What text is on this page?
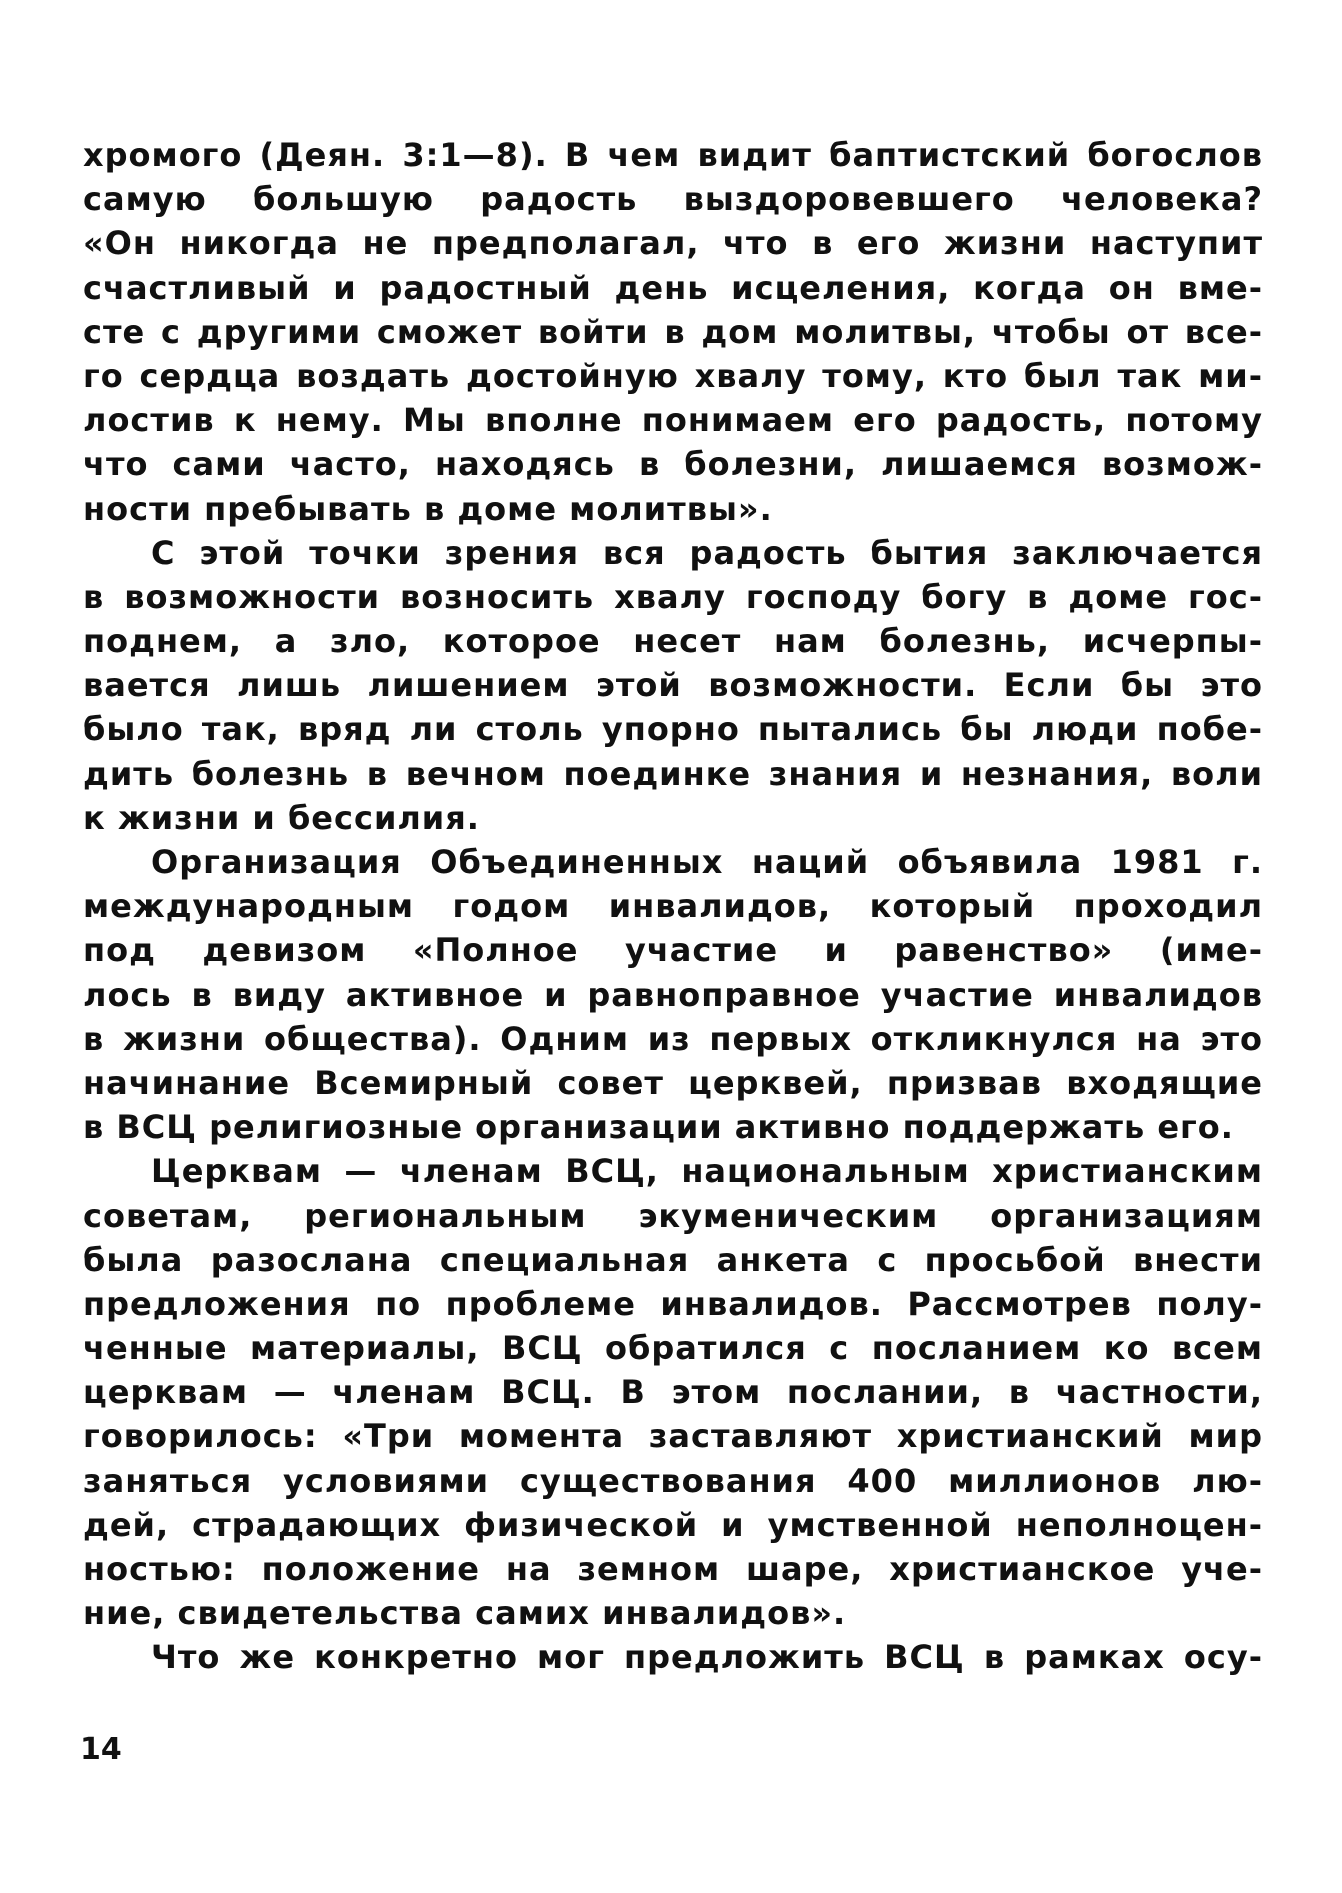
хромого (Деян. 3:1—8). В чем видит баптистский богослов
самую большую радость выздоровевшего человека?
«Он никогда не предполагал, что в его жизни наступит
счастливый и радостный день исцеления, когда он вме-
сте с другими сможет войти в дом молитвы, чтобы от все-
го сердца воздать достойную хвалу тому, кто был так ми-
лостив к нему. Мы вполне понимаем его радость, потому
что сами часто, находясь в болезни, лишаемся возмож-
ности пребывать в доме молитвы».
С этой точки зрения вся радость бытия заключается
в возможности возносить хвалу господу богу в доме гос-
поднем, а зло, которое несет нам болезнь, исчерпы-
вается лишь лишением этой возможности. Если бы это
было так, вряд ли столь упорно пытались бы люди побе-
дить болезнь в вечном поединке знания и незнания, воли
к жизни и бессилия.
Организация Объединенных наций объявила 1981 г.
международным годом инвалидов, который проходил
под девизом «Полное участие и равенство» (име-
лось в виду активное и равноправное участие инвалидов
в жизни общества). Одним из первых откликнулся на это
начинание Всемирный совет церквей, призвав входящие
в ВСЦ религиозные организации активно поддержать его.
Церквам — членам ВСЦ, национальным христианским
советам, региональным экуменическим организациям
была разослана специальная анкета с просьбой внести
предложения по проблеме инвалидов. Рассмотрев полу-
ченные материалы, ВСЦ обратился с посланием ко всем
церквам — членам ВСЦ. В этом послании, в частности,
говорилось: «Три момента заставляют христианский мир
заняться условиями существования 400 миллионов лю-
дей, страдающих физической и умственной неполноцен-
ностью: положение на земном шаре, христианское уче-
ние, свидетельства самих инвалидов».
Что же конкретно мог предложить ВСЦ в рамках осу-
14
